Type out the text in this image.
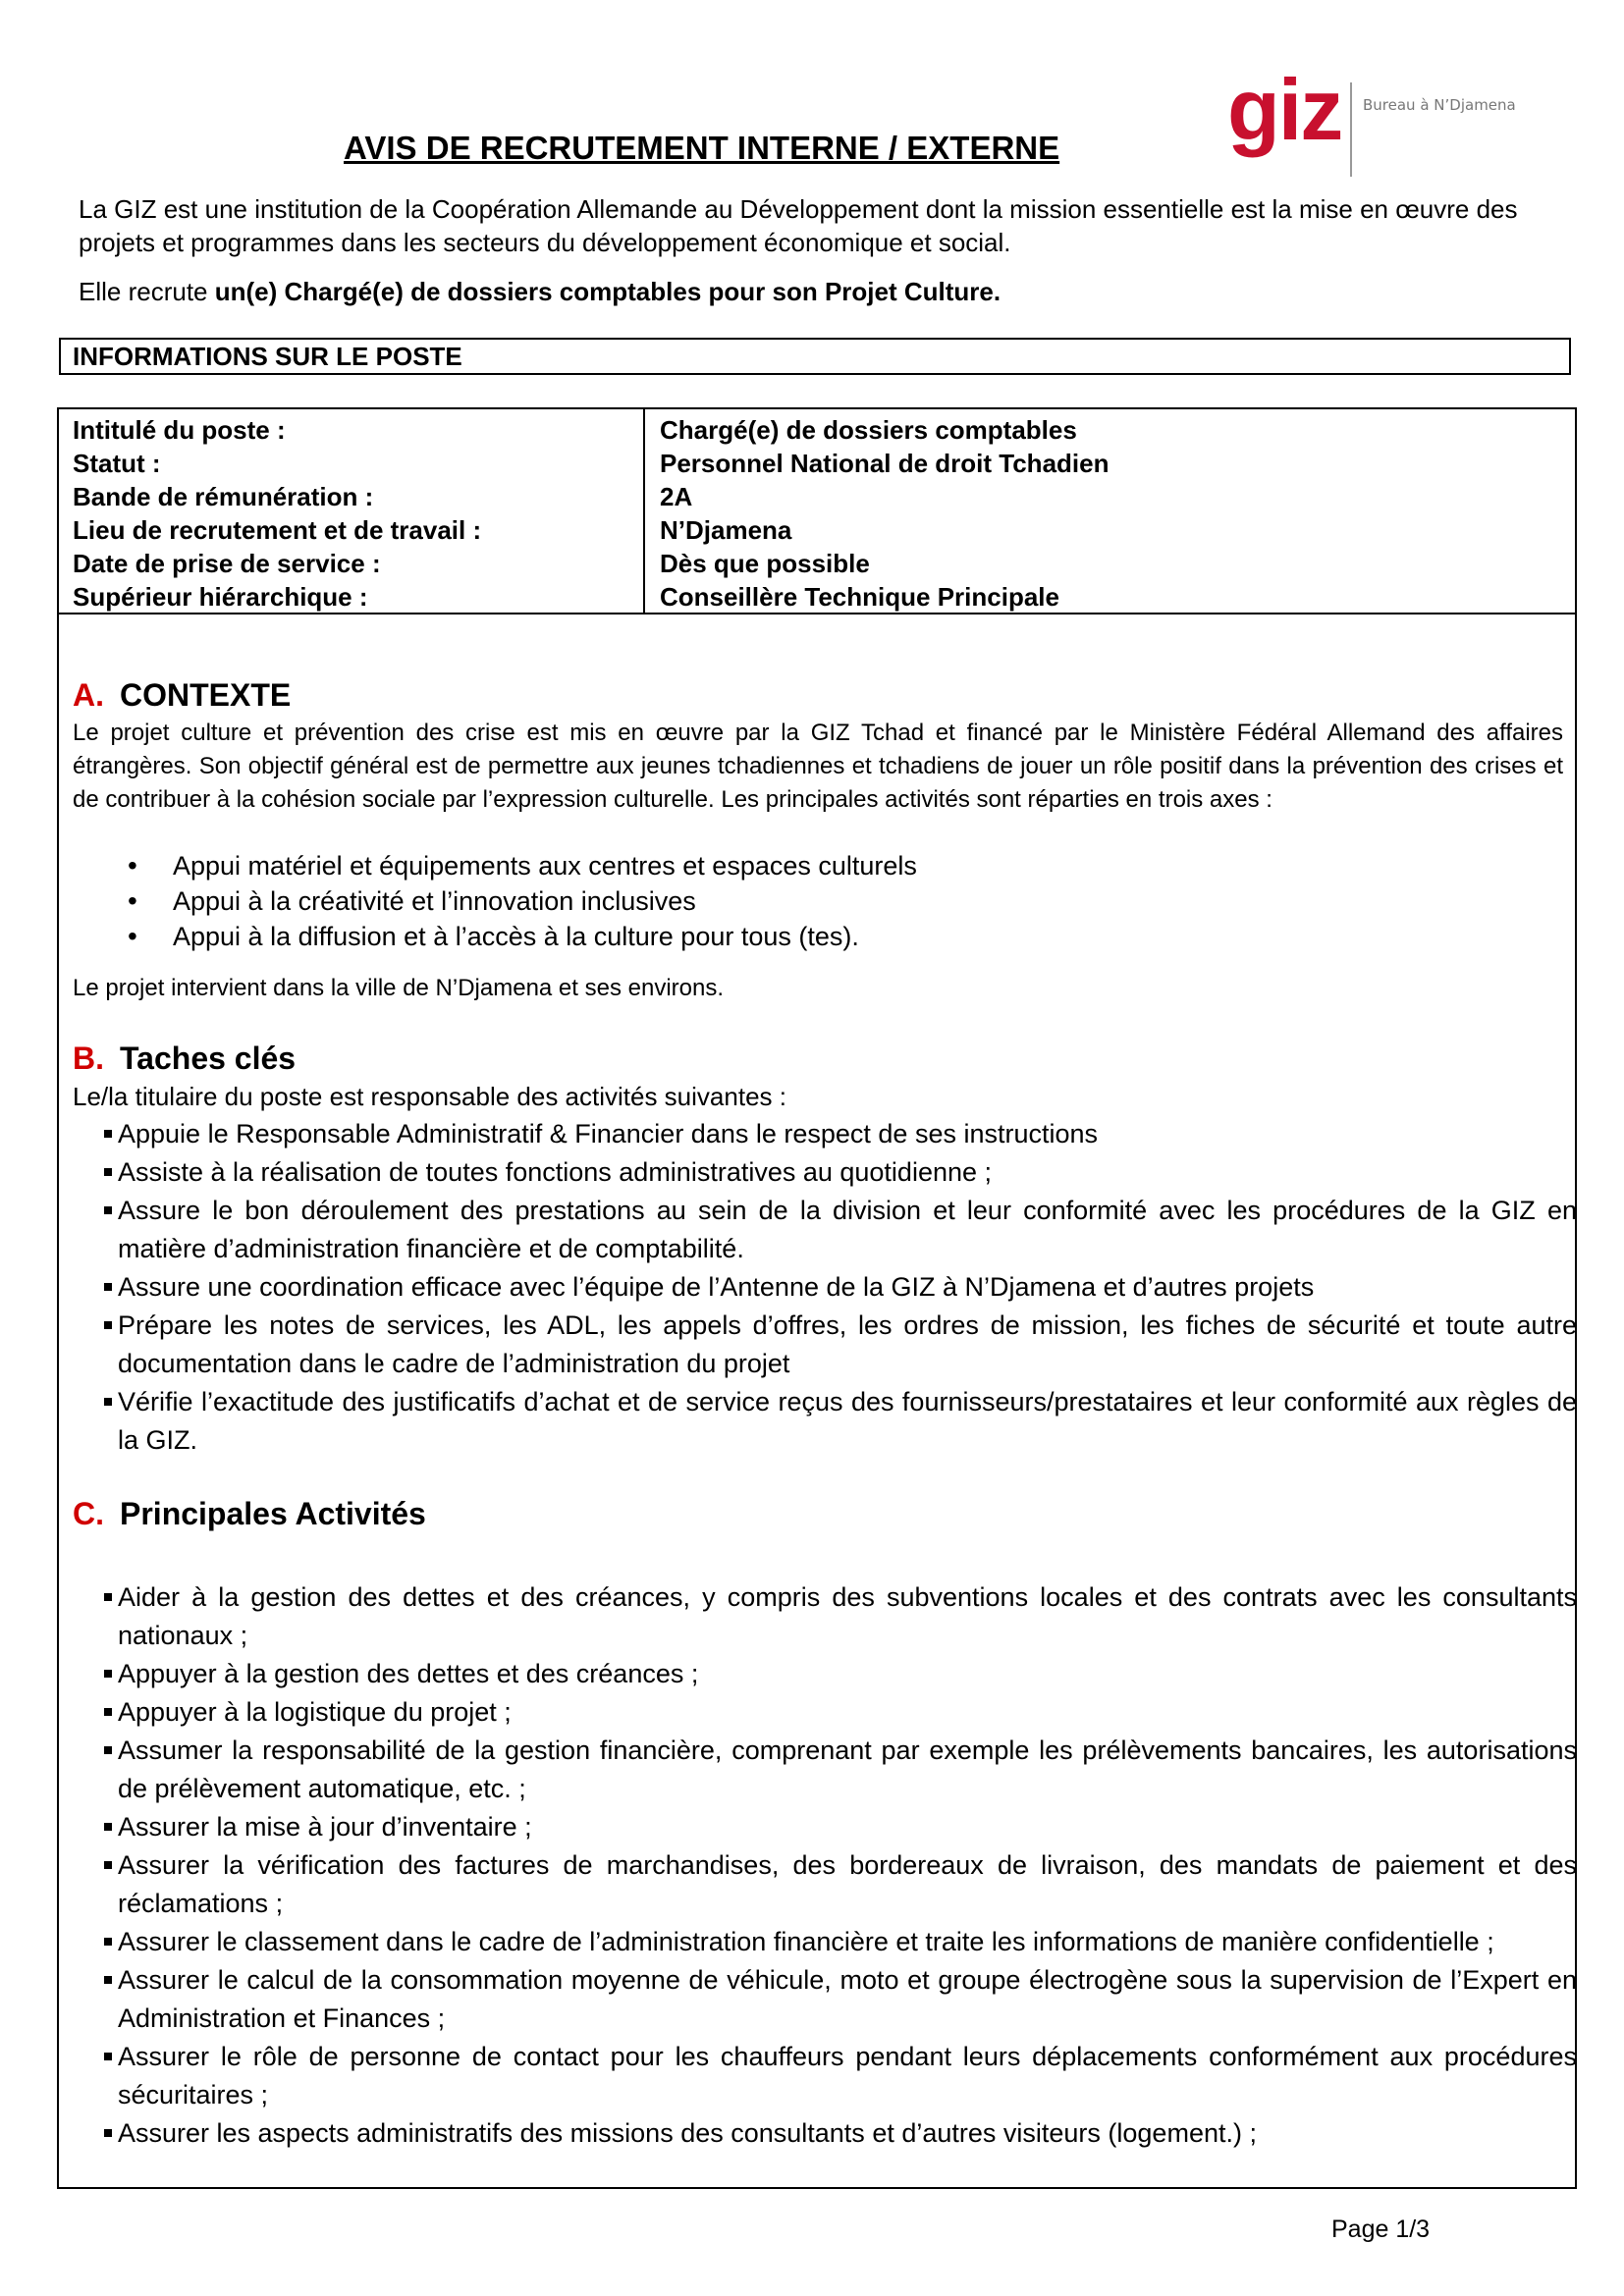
giz Bureau à N’Djamena
AVIS DE RECRUTEMENT INTERNE / EXTERNE

La GIZ est une institution de la Coopération Allemande au Développement dont la mission essentielle est la mise en œuvre des projets et programmes dans les secteurs du développement économique et social.

Elle recrute un(e) Chargé(e) de dossiers comptables pour son Projet Culture.

INFORMATIONS SUR LE POSTE
Intitulé du poste :
Statut :
Bande de rémunération :
Lieu de recrutement et de travail :
Date de prise de service :
Supérieur hiérarchique :
Chargé(e) de dossiers comptables
Personnel National de droit Tchadien
2A
N’Djamena
Dès que possible
Conseillère Technique Principale
A. CONTEXTE
Le projet culture et prévention des crise est mis en œuvre par la GIZ Tchad et financé par le Ministère Fédéral Allemand des affaires étrangères. Son objectif général est de permettre aux jeunes tchadiennes et tchadiens de jouer un rôle positif dans la prévention des crises et de contribuer à la cohésion sociale par l’expression culturelle. Les principales activités sont réparties en trois axes :
• Appui matériel et équipements aux centres et espaces culturels
• Appui à la créativité et l’innovation inclusives
• Appui à la diffusion et à l’accès à la culture pour tous (tes).
Le projet intervient dans la ville de N’Djamena et ses environs.
B. Taches clés
Le/la titulaire du poste est responsable des activités suivantes :
Appuie le Responsable Administratif & Financier dans le respect de ses instructions
Assiste à la réalisation de toutes fonctions administratives au quotidienne ;
Assure le bon déroulement des prestations au sein de la division et leur conformité avec les procédures de la GIZ en matière d’administration financière et de comptabilité.
Assure une coordination efficace avec l’équipe de l’Antenne de la GIZ à N’Djamena et d’autres projets
Prépare les notes de services, les ADL, les appels d’offres, les ordres de mission, les fiches de sécurité et toute autre documentation dans le cadre de l’administration du projet
Vérifie l’exactitude des justificatifs d’achat et de service reçus des fournisseurs/prestataires et leur conformité aux règles de la GIZ.
C. Principales Activités
Aider à la gestion des dettes et des créances, y compris des subventions locales et des contrats avec les consultants nationaux ;
Appuyer à la gestion des dettes et des créances ;
Appuyer à la logistique du projet ;
Assumer la responsabilité de la gestion financière, comprenant par exemple les prélèvements bancaires, les autorisations de prélèvement automatique, etc. ;
Assurer la mise à jour d’inventaire ;
Assurer la vérification des factures de marchandises, des bordereaux de livraison, des mandats de paiement et des réclamations ;
Assurer le classement dans le cadre de l’administration financière et traite les informations de manière confidentielle ;
Assurer le calcul de la consommation moyenne de véhicule, moto et groupe électrogène sous la supervision de l’Expert en Administration et Finances ;
Assurer le rôle de personne de contact pour les chauffeurs pendant leurs déplacements conformément aux procédures sécuritaires ;
Assurer les aspects administratifs des missions des consultants et d’autres visiteurs (logement.) ;
Page 1/3
